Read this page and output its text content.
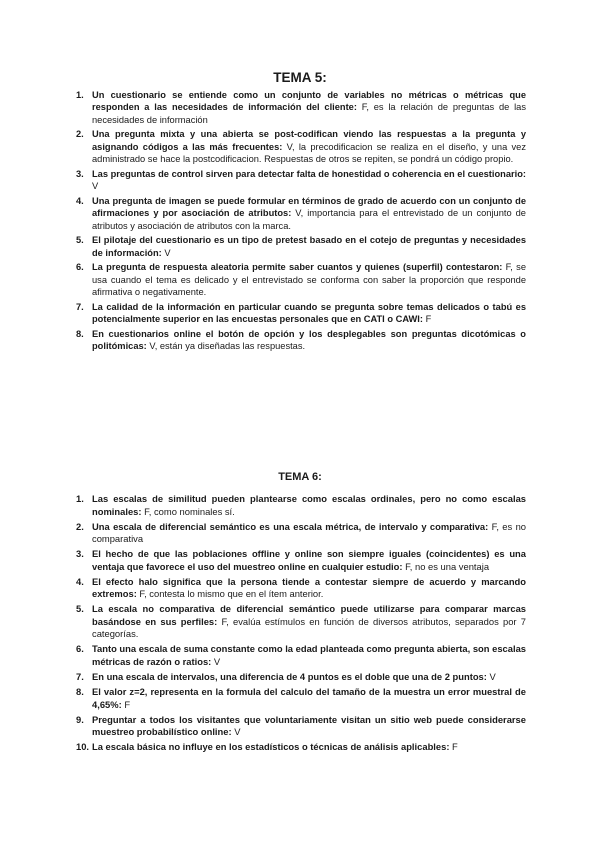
TEMA 5:
1. Un cuestionario se entiende como un conjunto de variables no métricas o métricas que responden a las necesidades de información del cliente: F, es la relación de preguntas de las necesidades de información
2. Una pregunta mixta y una abierta se post-codifican viendo las respuestas a la pregunta y asignando códigos a las más frecuentes: V, la precodificacion se realiza en el diseño, y una vez administrado se hace la postcodificacion. Respuestas de otros se repiten, se pondrá un código propio.
3. Las preguntas de control sirven para detectar falta de honestidad o coherencia en el cuestionario: V
4. Una pregunta de imagen se puede formular en términos de grado de acuerdo con un conjunto de afirmaciones y por asociación de atributos: V, importancia para el entrevistado de un conjunto de atributos y asociación de atributos con la marca.
5. El pilotaje del cuestionario es un tipo de pretest basado en el cotejo de preguntas y necesidades de información: V
6. La pregunta de respuesta aleatoria permite saber cuantos y quienes (superfil) contestaron: F, se usa cuando el tema es delicado y el entrevistado se conforma con saber la proporción que responde afirmativa o negativamente.
7. La calidad de la información en particular cuando se pregunta sobre temas delicados o tabú es potencialmente superior en las encuestas personales que en CATI o CAWI: F
8. En cuestionarios online el botón de opción y los desplegables son preguntas dicotómicas o politómicas: V, están ya diseñadas las respuestas.
TEMA 6:
1. Las escalas de similitud pueden plantearse como escalas ordinales, pero no como escalas nominales: F, como nominales sí.
2. Una escala de diferencial semántico es una escala métrica, de intervalo y comparativa: F, es no comparativa
3. El hecho de que las poblaciones offline y online son siempre iguales (coincidentes) es una ventaja que favorece el uso del muestreo online en cualquier estudio: F, no es una ventaja
4. El efecto halo significa que la persona tiende a contestar siempre de acuerdo y marcando extremos: F, contesta lo mismo que en el ítem anterior.
5. La escala no comparativa de diferencial semántico puede utilizarse para comparar marcas basándose en sus perfiles: F, evalúa estímulos en función de diversos atributos, separados por 7 categorías.
6. Tanto una escala de suma constante como la edad planteada como pregunta abierta, son escalas métricas de razón o ratios: V
7. En una escala de intervalos, una diferencia de 4 puntos es el doble que una de 2 puntos: V
8. El valor z=2, representa en la formula del calculo del tamaño de la muestra un error muestral de 4,65%: F
9. Preguntar a todos los visitantes que voluntariamente visitan un sitio web puede considerarse muestreo probabilístico online: V
10. La escala básica no influye en los estadísticos o técnicas de análisis aplicables: F
